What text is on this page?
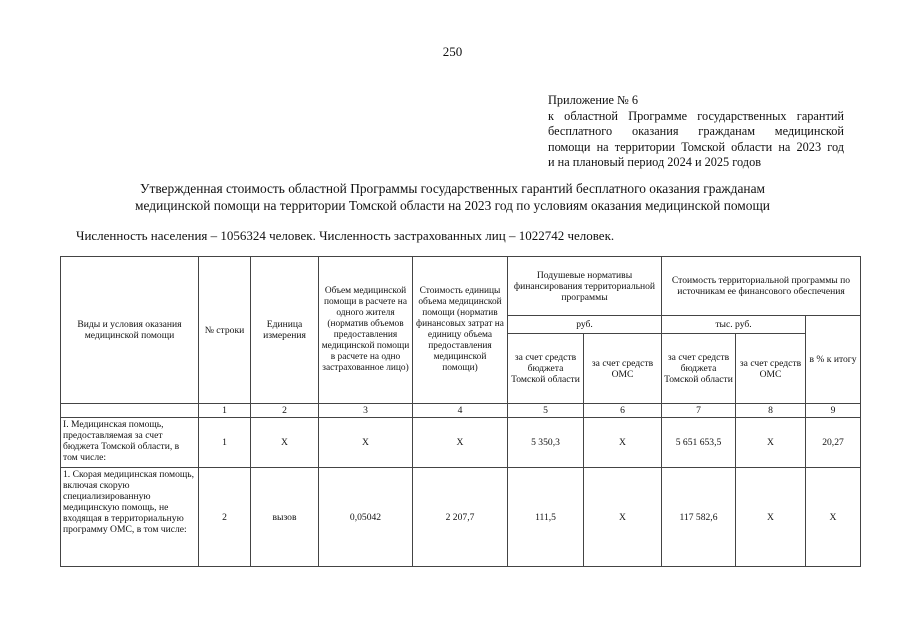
250
Приложение № 6
к областной Программе государственных гарантий
бесплатного оказания гражданам медицинской
помощи на территории Томской области на 2023 год
и на плановый период 2024 и 2025 годов
Утвержденная стоимость областной Программы государственных гарантий бесплатного оказания гражданам
медицинской помощи на территории Томской области на 2023 год по условиям оказания медицинской помощи
Численность населения – 1056324 человек. Численность застрахованных лиц – 1022742 человек.
Виды и условия оказания медицинской помощи	№ строки	Единица измерения	Объем медицинской помощи в расчете на одного жителя (норматив объемов предоставления медицинской помощи в расчете на одно застрахованное лицо)	Стоимость единицы объема медицинской помощи (норматив финансовых затрат на единицу объема предоставления медицинской помощи)	Подушевые нормативы финансирования территориальной программы		Стоимость территориальной программы по источникам ее финансового обеспечения		
					руб.		тыс. руб.		в % к итогу
					за счет средств бюджета Томской области	за счет средств ОМС	за счет средств бюджета Томской области	за счет средств ОМС	
	1	2	3	4	5	6	7	8	9
I. Медицинская помощь, предоставляемая за счет бюджета Томской области, в том числе:	1	X	X	X	5 350,3	X	5 651 653,5	X	20,27
1. Скорая медицинская помощь, включая скорую специализированную медицинскую помощь, не входящая в территориальную программу ОМС, в том числе:	2	вызов	0,05042	2 207,7	111,5	X	117 582,6	X	X
